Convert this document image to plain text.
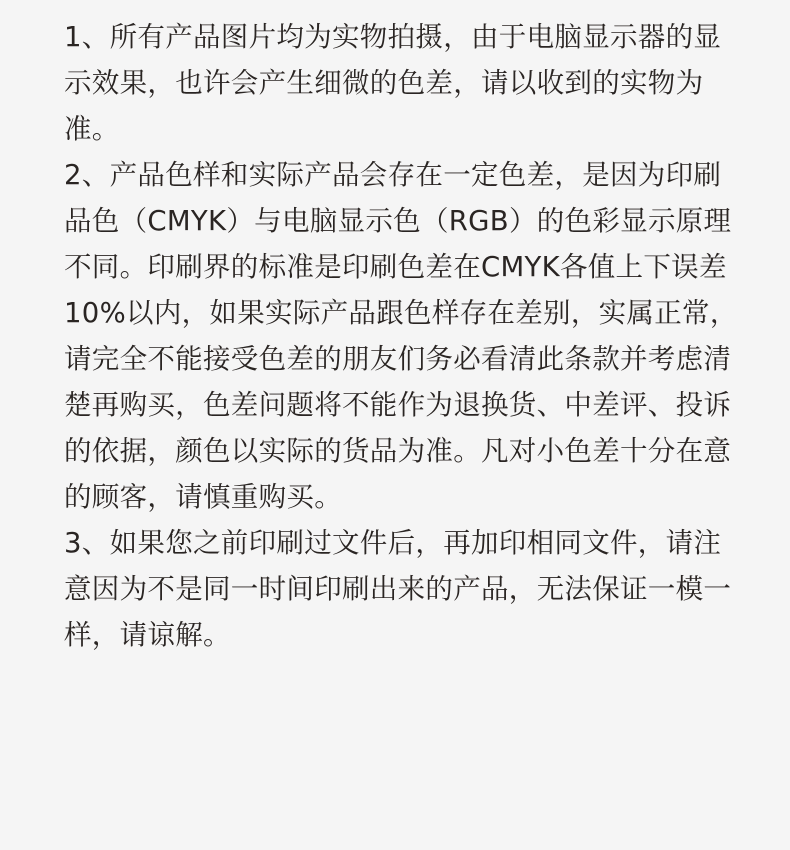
1、所有产品图片均为实物拍摄，由于电脑显示器的显示效果，也许会产生细微的色差，请以收到的实物为准。

2、产品色样和实际产品会存在一定色差，是因为印刷品色（CMYK）与电脑显示色（RGB）的色彩显示原理不同。印刷界的标准是印刷色差在CMYK各值上下误差10%以内，如果实际产品跟色样存在差别，实属正常，请完全不能接受色差的朋友们务必看清此条款并考虑清楚再购买，色差问题将不能作为退换货、中差评、投诉的依据，颜色以实际的货品为准。凡对小色差十分在意的顾客，请慎重购买。

3、如果您之前印刷过文件后，再加印相同文件，请注意因为不是同一时间印刷出来的产品，无法保证一模一样，请谅解。
